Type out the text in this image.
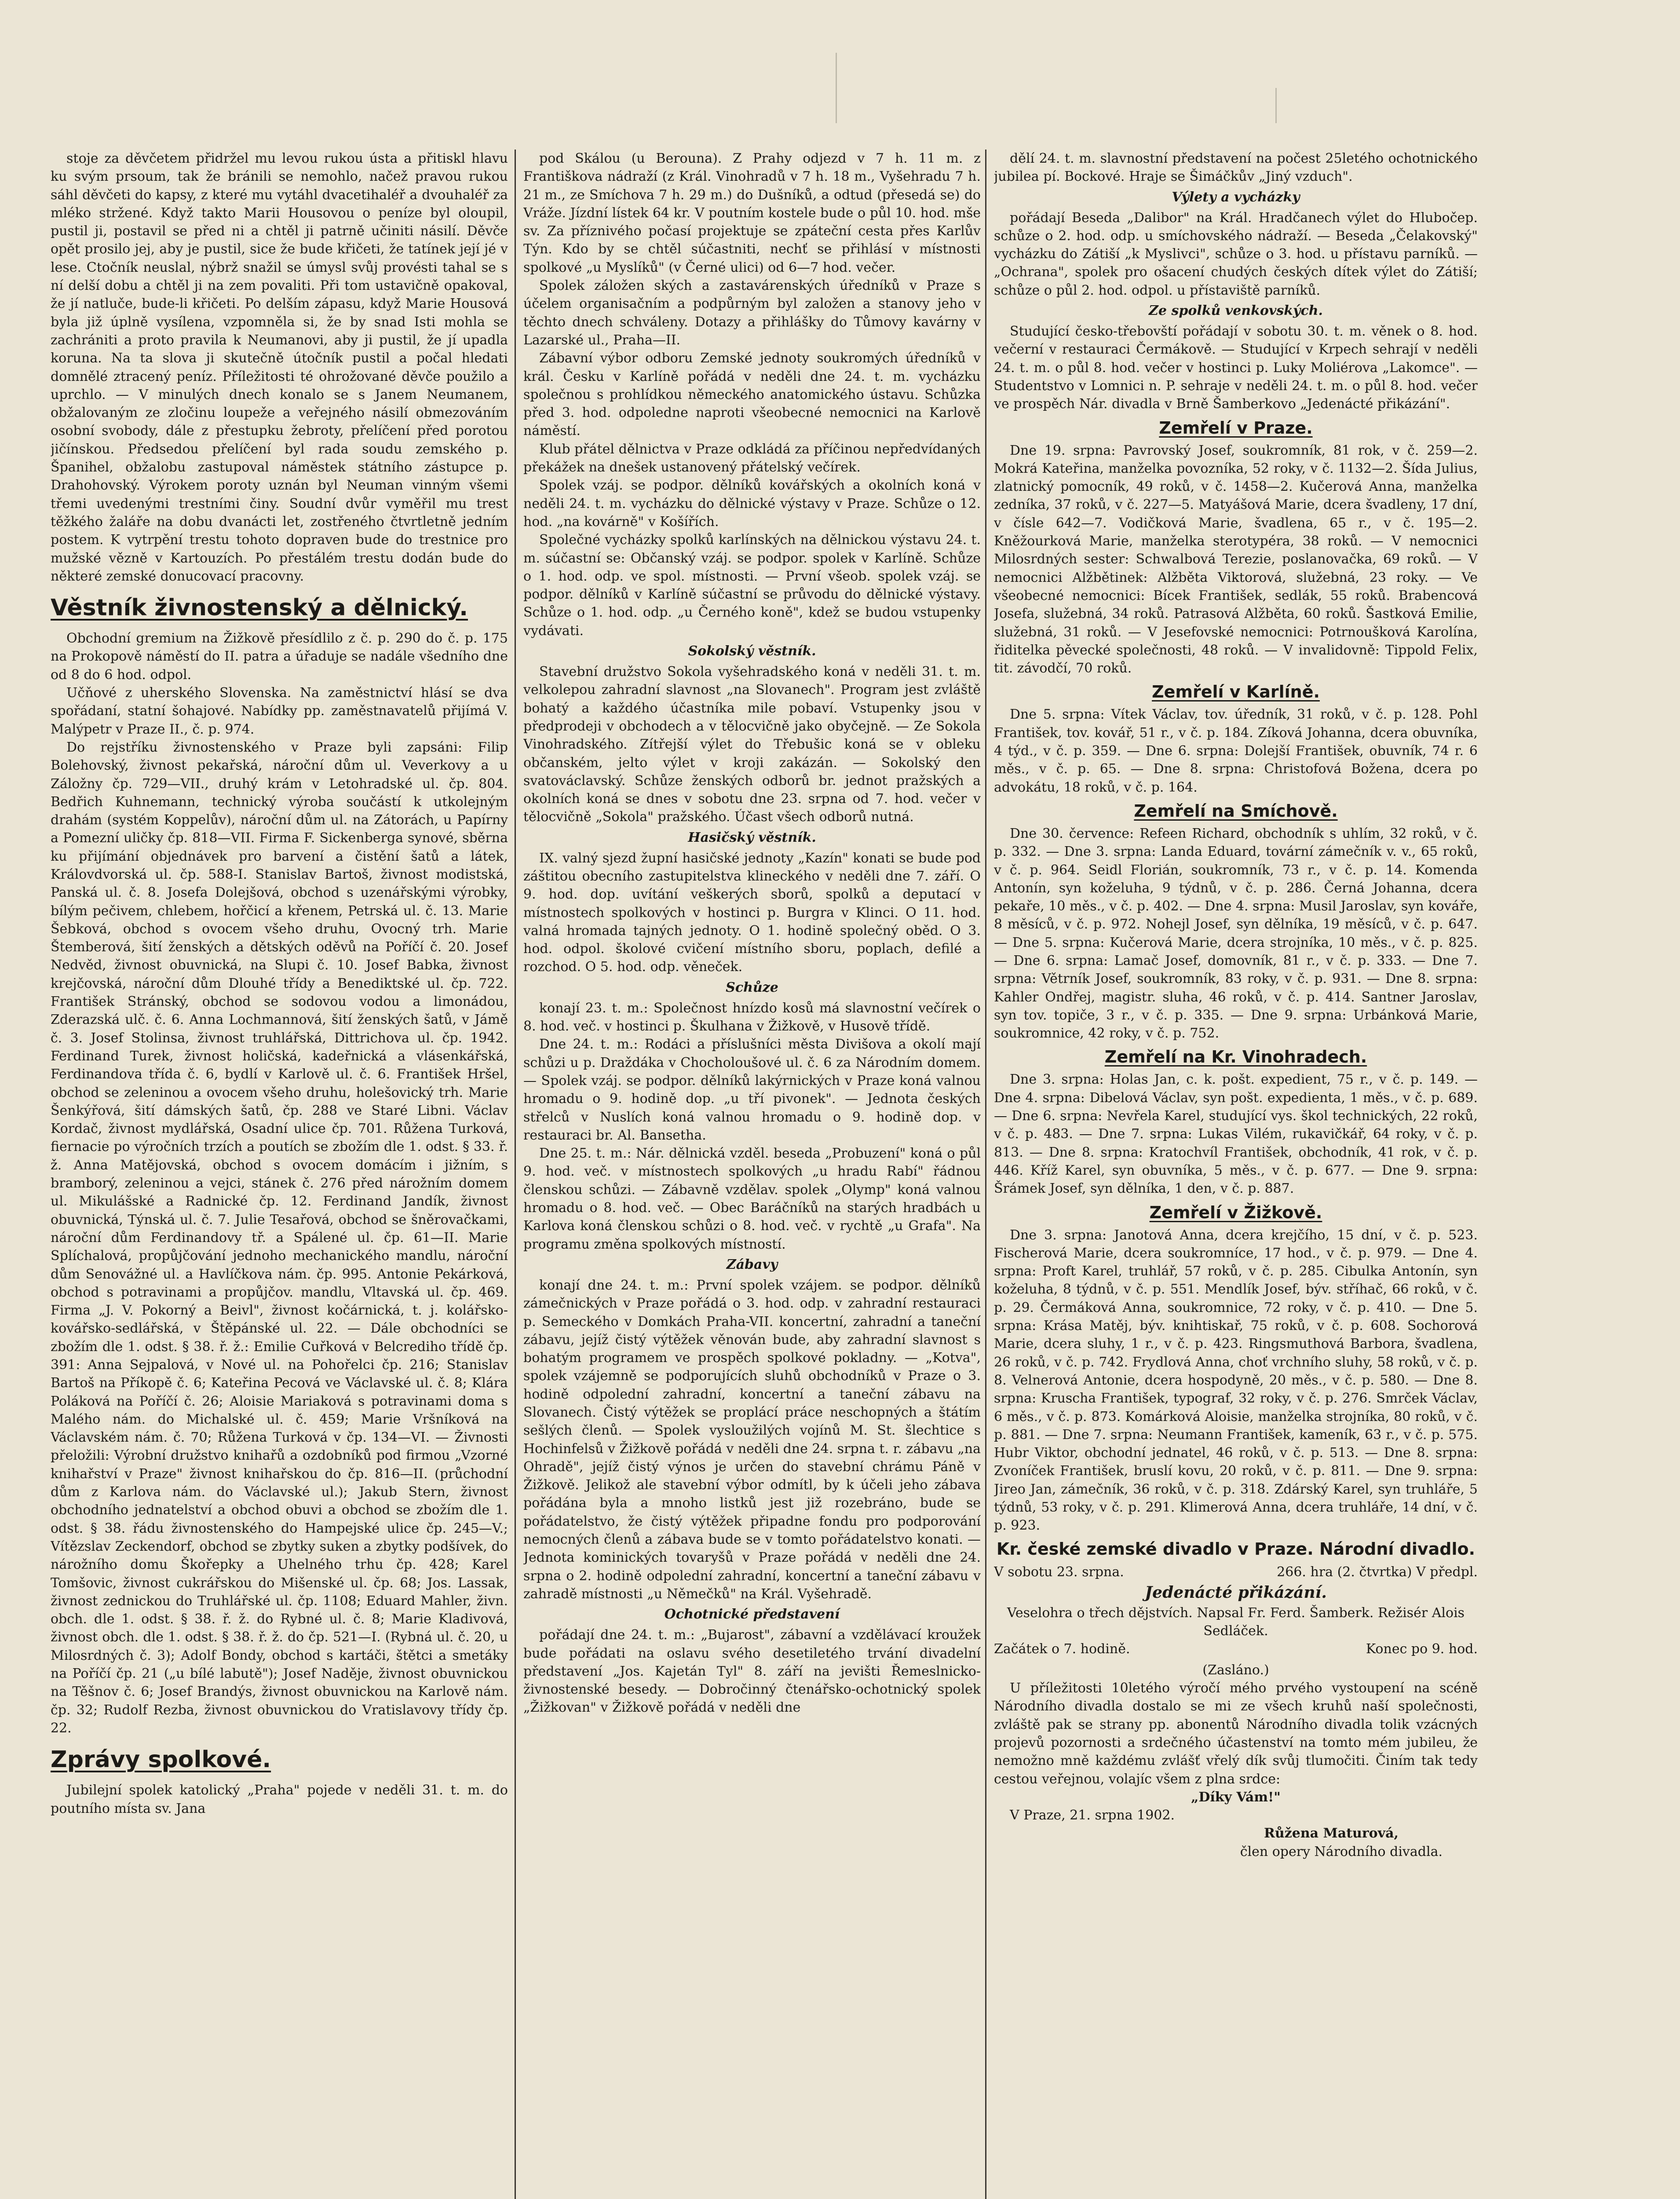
stoje za děvčetem přidržel mu levou rukou ústa a přitiskl hlavu ku svým prsoum, tak že bránili se nemohlo, načež pravou rukou sáhl děvčeti do kapsy, z které mu vytáhl dvacetihaléř a dvouhaléř za mléko stržené. Když takto Marii Housovou o peníze byl oloupil, pustil ji, postavil se před ni a chtěl ji patrně učiniti násilí. Děvče opět prosilo jej, aby je pustil, sice že bude křičeti, že tatínek její jé v lese. Ctočník neuslal, nýbrž snažil se úmysl svůj provésti tahal se s ní delší dobu a chtěl ji na zem povaliti. Při tom ustavičně opakoval, že jí natluče, bude-li křičeti. Po delším zápasu, když Marie Housová byla již úplně vysílena, vzpomněla si, že by snad Isti mohla se zachrániti a proto pravila k Neumanovi, aby ji pustil, že jí upadla koruna. Na ta slova ji skutečně útočník pustil a počal hledati domnělé ztracený peníz. Příležitosti té ohrožované děvče použilo a uprchlo. — V minulých dnech konalo se s Janem Neumanem, obžalovaným ze zločinu loupeže a veřejného násilí obmezováním osobní svobody, dále z přestupku žebroty, přelíčení před porotou jičínskou. Předsedou přelíčení byl rada soudu zemského p. Španihel, obžalobu zastupoval náměstek státního zástupce p. Drahohovský. Výrokem poroty uznán byl Neuman vinným všemi třemi uvedenými trestními činy. Soudní dvůr vyměřil mu trest těžkého žaláře na dobu dvanácti let, zostřeného čtvrtletně jedním postem. K vytrpění trestu tohoto dopraven bude do trestnice pro mužské vězně v Kartouzích. Po přestálém trestu dodán bude do některé zemské donucovací pracovny.

Věstník živnostenský a dělnický.

Obchodní gremium na Žižkově přesídlilo z č. p. 290 do č. p. 175 na Prokopově náměstí do II. patra a úřaduje se nadále všedního dne od 8 do 6 hod. odpol.

Učňové z uherského Slovenska. Na zaměstnictví hlásí se dva spořádaní, statní šohajové. Nabídky pp. zaměstnavatelů přijímá V. Malýpetr v Praze II., č. p. 974.

Do rejstříku živnostenského v Praze byli zapsáni: Filip Bolehovský, živnost pekařská, nároční dům ul. Veverkovy a u Záložny čp. 729—VII., druhý krám v Letohradské ul. čp. 804. Bedřich Kuhnemann, technický výroba součástí k utkolejným drahám (systém Koppelův), nároční dům ul. na Zátorách, u Papírny a Pomezní uličky čp. 818—VII. Firma F. Sickenberga synové, sběrna ku přijímání objednávek pro barvení a čistění šatů a látek, Královdvorská ul. čp. 588-I. Stanislav Bartoš, živnost modistská, Panská ul. č. 8. Josefa Dolejšová, obchod s uzenářskými výrobky, bílým pečivem, chlebem, hořčicí a křenem, Petrská ul. č. 13. Marie Šebková, obchod s ovocem všeho druhu, Ovocný trh. Marie Štemberová, šití ženských a dětských oděvů na Poříčí č. 20. Josef Nedvěd, živnost obuvnická, na Slupi č. 10. Josef Babka, živnost krejčovská, nároční dům Dlouhé třídy a Benediktské ul. čp. 722. František Stránský, obchod se sodovou vodou a limonádou, Zderazská ulč. č. 6. Anna Lochmannová, šití ženských šatů, v Jámě č. 3. Josef Stolinsa, živnost truhlářská, Dittrichova ul. čp. 1942. Ferdinand Turek, živnost holičská, kadeřnická a vlásenkářská, Ferdinandova třída č. 6, bydlí v Karlově ul. č. 6. František Hršel, obchod se zeleninou a ovocem všeho druhu, holešovický trh. Marie Šenkýřová, šití dámských šatů, čp. 288 ve Staré Libni. Václav Kordač, živnost mydlářská, Osadní ulice čp. 701. Růžena Turková, fiernacie po výročních trzích a poutích se zbožím dle 1. odst. § 33. ř. ž. Anna Matějovská, obchod s ovocem domácím i jižním, s bramborý, zeleninou a vejci, stánek č. 276 před nárožním domem ul. Mikulášské a Radnické čp. 12. Ferdinand Jandík, živnost obuvnická, Týnská ul. č. 7. Julie Tesařová, obchod se šněrovačkami, nároční dům Ferdinandovy tř. a Spálené ul. čp. 61—II. Marie Splíchalová, propůjčování jednoho mechanického mandlu, nároční dům Senovážné ul. a Havlíčkova nám. čp. 995. Antonie Pekárková, obchod s potravinami a propůjčov. mandlu, Vltavská ul. čp. 469. Firma „J. V. Pokorný a Beivl", živnost kočárnická, t. j. kolářsko-kovářsko-sedlářská, v Štěpánské ul. 22. — Dále obchodníci se zbožím dle 1. odst. § 38. ř. ž.: Emilie Cuřková v Belcrediho třídě čp. 391: Anna Sejpalová, v Nové ul. na Pohořelci čp. 216; Stanislav Bartoš na Příkopě č. 6; Kateřina Pecová ve Václavské ul. č. 8; Klára Poláková na Poříčí č. 26; Aloisie Mariaková s potravinami doma s Malého nám. do Michalské ul. č. 459; Marie Vršníková na Václavském nám. č. 70; Růžena Turková v čp. 134—VI. — Živnosti přeložili: Výrobní družstvo knihařů a ozdobníků pod firmou „Vzorné knihařství v Praze" živnost knihařskou do čp. 816—II. (průchodní dům z Karlova nám. do Václavské ul.); Jakub Stern, živnost obchodního jednatelství a obchod obuvi a obchod se zbožím dle 1. odst. § 38. řádu živnostenského do Hampejské ulice čp. 245—V.; Vítězslav Zeckendorf, obchod se zbytky suken a zbytky podšívek, do nárožního domu Škořepky a Uhelného trhu čp. 428; Karel Tomšovic, živnost cukrářskou do Mišenské ul. čp. 68; Jos. Lassak, živnost zednickou do Truhlářské ul. čp. 1108; Eduard Mahler, živn. obch. dle 1. odst. § 38. ř. ž. do Rybné ul. č. 8; Marie Kladivová, živnost obch. dle 1. odst. § 38. ř. ž. do čp. 521—I. (Rybná ul. č. 20, u Milosrdných č. 3); Adolf Bondy, obchod s kartáči, štětci a smetáky na Poříčí čp. 21 („u bílé labutě"); Josef Naděje, živnost obuvnickou na Těšnov č. 6; Josef Brandýs, živnost obuvnickou na Karlově nám. čp. 32; Rudolf Rezba, živnost obuvnickou do Vratislavovy třídy čp. 22.

Zprávy spolkové.

Jubilejní spolek katolický „Praha" pojede v neděli 31. t. m. do poutního místa sv. Jana

pod Skálou (u Berouna). Z Prahy odjezd v 7 h. 11 m. z Františkova nádraží (z Král. Vinohradů v 7 h. 18 m., Vyšehradu 7 h. 21 m., ze Smíchova 7 h. 29 m.) do Dušníků, a odtud (přesedá se) do Vráže. Jízdní lístek 64 kr. V poutním kostele bude o půl 10. hod. mše sv. Za příznivého počasí projektuje se zpáteční cesta přes Karlův Týn. Kdo by se chtěl súčastniti, nechť se přihlásí v místnosti spolkové „u Myslíků" (v Černé ulici) od 6—7 hod. večer.

Spolek záložen ských a zastavárenských úředníků v Praze s účelem organisačním a podpůrným byl založen a stanovy jeho v těchto dnech schváleny. Dotazy a přihlášky do Tůmovy kavárny v Lazarské ul., Praha—II.

Zábavní výbor odboru Zemské jednoty soukromých úředníků v král. Česku v Karlíně pořádá v neděli dne 24. t. m. vycházku společnou s prohlídkou německého anatomického ústavu. Schůzka před 3. hod. odpoledne naproti všeobecné nemocnici na Karlově náměstí.

Klub přátel dělnictva v Praze odkládá za příčinou nepředvídaných překážek na dnešek ustanovený přátelský večírek.

Spolek vzáj. se podpor. dělníků kovářských a okolních koná v neděli 24. t. m. vycházku do dělnické výstavy v Praze. Schůze o 12. hod. „na kovárně" v Košířích.

Společné vycházky spolků karlínských na dělnickou výstavu 24. t. m. súčastní se: Občanský vzáj. se podpor. spolek v Karlíně. Schůze o 1. hod. odp. ve spol. místnosti. — První všeob. spolek vzáj. se podpor. dělníků v Karlíně súčastní se průvodu do dělnické výstavy. Schůze o 1. hod. odp. „u Černého koně", kdež se budou vstupenky vydávati.

Sokolský věstník.

Stavební družstvo Sokola vyšehradského koná v neděli 31. t. m. velkolepou zahradní slavnost „na Slovanech". Program jest zvláště bohatý a každého účastníka mile pobaví. Vstupenky jsou v předprodeji v obchodech a v tělocvičně jako obyčejně. — Ze Sokola Vinohradského. Zítřejší výlet do Třebušic koná se v obleku občanském, jelto výlet v kroji zakázán. — Sokolský den svatováclavský. Schůze ženských odborů br. jednot pražských a okolních koná se dnes v sobotu dne 23. srpna od 7. hod. večer v tělocvičně „Sokola" pražského. Účast všech odborů nutná.

Hasičský věstník.

IX. valný sjezd župní hasičské jednoty „Kazín" konati se bude pod záštitou obecního zastupitelstva klineckého v neděli dne 7. září. O 9. hod. dop. uvítání veškerých sborů, spolků a deputací v místnostech spolkových v hostinci p. Burgra v Klinci. O 11. hod. valná hromada tajných jednoty. O 1. hodině společný oběd. O 3. hod. odpol. školové cvičení místního sboru, poplach, defilé a rozchod. O 5. hod. odp. věneček.

Schůze

konají 23. t. m.: Společnost hnízdo kosů má slavnostní večírek o 8. hod. več. v hostinci p. Škulhana v Žižkově, v Husově třídě.

Dne 24. t. m.: Rodáci a příslušníci města Divišova a okolí mají schůzi u p. Draždáka v Chocholoušové ul. č. 6 za Národním domem. — Spolek vzáj. se podpor. dělníků lakýrnických v Praze koná valnou hromadu o 9. hodině dop. „u tří pivonek". — Jednota českých střelců v Nuslích koná valnou hromadu o 9. hodině dop. v restauraci br. Al. Bansetha.

Dne 25. t. m.: Nár. dělnická vzděl. beseda „Probuzení" koná o půl 9. hod. več. v místnostech spolkových „u hradu Rabí" řádnou členskou schůzi. — Zábavně vzdělav. spolek „Olymp" koná valnou hromadu o 8. hod. več. — Obec Baráčníků na starých hradbách u Karlova koná členskou schůzi o 8. hod. več. v rychtě „u Grafa". Na programu změna spolkových místností.

Zábavy

konají dne 24. t. m.: První spolek vzájem. se podpor. dělníků zámečnických v Praze pořádá o 3. hod. odp. v zahradní restauraci p. Semeckého v Domkách Praha-VII. koncertní, zahradní a taneční zábavu, jejíž čistý výtěžek věnován bude, aby zahradní slavnost s bohatým programem ve prospěch spolkové pokladny. — „Kotva", spolek vzájemně se podporujících sluhů obchodníků v Praze o 3. hodině odpolední zahradní, koncertní a taneční zábavu na Slovanech. Čistý výtěžek se proplácí práce neschopných a štátím sešlých členů. — Spolek vysloužilých vojínů M. St. šlechtice s Hochinfelsů v Žižkově pořádá v neděli dne 24. srpna t. r. zábavu „na Ohradě", jejíž čistý výnos je určen do stavební chrámu Páně v Žižkově. Jelikož ale stavební výbor odmítl, by k účeli jeho zábava pořádána byla a mnoho listků jest již rozebráno, bude se pořádatelstvo, že čistý výtěžek připadne fondu pro podporování nemocných členů a zábava bude se v tomto pořádatelstvo konati. — Jednota kominických tovaryšů v Praze pořádá v neděli dne 24. srpna o 2. hodině odpolední zahradní, koncertní a taneční zábavu v zahradě místnosti „u Němečků" na Král. Vyšehradě.

Ochotnické představení

pořádají dne 24. t. m.: „Bujarost", zábavní a vzdělávací kroužek bude pořádati na oslavu svého desetiletého trvání divadelní představení „Jos. Kajetán Tyl" 8. září na jevišti Řemeslnicko-živnostenské besedy. — Dobročinný čtenářsko-ochotnický spolek „Žižkovan" v Žižkově pořádá v neděli dne

dělí 24. t. m. slavnostní představení na počest 25letého ochotnického jubilea pí. Bockové. Hraje se Šimáčkův „Jiný vzduch".

Výlety a vycházky

pořádají Beseda „Dalibor" na Král. Hradčanech výlet do Hlubočep. schůze o 2. hod. odp. u smíchovského nádraží. — Beseda „Čelakovský" vycházku do Zátiší „k Myslivci", schůze o 3. hod. u přístavu parníků. — „Ochrana", spolek pro ošacení chudých českých dítek výlet do Zátiší; schůze o půl 2. hod. odpol. u přístaviště parníků.

Ze spolků venkovských.

Studující česko-třebovští pořádají v sobotu 30. t. m. věnek o 8. hod. večerní v restauraci Čermákově. — Studující v Krpech sehrají v neděli 24. t. m. o půl 8. hod. večer v hostinci p. Luky Moliérova „Lakomce". — Studentstvo v Lomnici n. P. sehraje v neděli 24. t. m. o půl 8. hod. večer ve prospěch Nár. divadla v Brně Šamberkovo „Jedenácté přikázání".

Zemřelí v Praze.

Dne 19. srpna: Pavrovský Josef, soukromník, 81 rok, v č. 259—2. Mokrá Kateřina, manželka povozníka, 52 roky, v č. 1132—2. Šída Julius, zlatnický pomocník, 49 roků, v č. 1458—2. Kučerová Anna, manželka zedníka, 37 roků, v č. 227—5. Matyášová Marie, dcera švadleny, 17 dní, v čísle 642—7. Vodičková Marie, švadlena, 65 r., v č. 195—2. Kněžourková Marie, manželka sterotypéra, 38 roků. — V nemocnici Milosrdných sester: Schwalbová Terezie, poslanovačka, 69 roků. — V nemocnici Alžbětinek: Alžběta Viktorová, služebná, 23 roky. — Ve všeobecné nemocnici: Bícek František, sedlák, 55 roků. Brabencová Josefa, služebná, 34 roků. Patrasová Alžběta, 60 roků. Šastková Emilie, služebná, 31 roků. — V Jesefovské nemocnici: Potrnoušková Karolína, řiditelka pěvecké společnosti, 48 roků. — V invalidovně: Tippold Felix, tit. závodčí, 70 roků.

Zemřelí v Karlíně.

Dne 5. srpna: Vítek Václav, tov. úředník, 31 roků, v č. p. 128. Pohl František, tov. kovář, 51 r., v č. p. 184. Zíková Johanna, dcera obuvníka, 4 týd., v č. p. 359. — Dne 6. srpna: Dolejší František, obuvník, 74 r. 6 měs., v č. p. 65. — Dne 8. srpna: Christofová Božena, dcera po advokátu, 18 roků, v č. p. 164.

Zemřelí na Smíchově.

Dne 30. července: Refeen Richard, obchodník s uhlím, 32 roků, v č. p. 332. — Dne 3. srpna: Landa Eduard, tovární zámečník v. v., 65 roků, v č. p. 964. Seidl Florián, soukromník, 73 r., v č. p. 14. Komenda Antonín, syn koželuha, 9 týdnů, v č. p. 286. Černá Johanna, dcera pekaře, 10 měs., v č. p. 402. — Dne 4. srpna: Musil Jaroslav, syn kováře, 8 měsíců, v č. p. 972. Nohejl Josef, syn dělníka, 19 měsíců, v č. p. 647. — Dne 5. srpna: Kučerová Marie, dcera strojníka, 10 měs., v č. p. 825. — Dne 6. srpna: Lamač Josef, domovník, 81 r., v č. p. 333. — Dne 7. srpna: Větrník Josef, soukromník, 83 roky, v č. p. 931. — Dne 8. srpna: Kahler Ondřej, magistr. sluha, 46 roků, v č. p. 414. Santner Jaroslav, syn tov. topiče, 3 r., v č. p. 335. — Dne 9. srpna: Urbánková Marie, soukromnice, 42 roky, v č. p. 752.

Zemřelí na Kr. Vinohradech.

Dne 3. srpna: Holas Jan, c. k. pošt. expedient, 75 r., v č. p. 149. — Dne 4. srpna: Dibelová Václav, syn pošt. expedienta, 1 měs., v č. p. 689. — Dne 6. srpna: Nevřela Karel, studující vys. škol technických, 22 roků, v č. p. 483. — Dne 7. srpna: Lukas Vilém, rukavičkář, 64 roky, v č. p. 813. — Dne 8. srpna: Kratochvíl František, obchodník, 41 rok, v č. p. 446. Kříž Karel, syn obuvníka, 5 měs., v č. p. 677. — Dne 9. srpna: Šrámek Josef, syn dělníka, 1 den, v č. p. 887.

Zemřelí v Žižkově.

Dne 3. srpna: Janotová Anna, dcera krejčího, 15 dní, v č. p. 523. Fischerová Marie, dcera soukromníce, 17 hod., v č. p. 979. — Dne 4. srpna: Proft Karel, truhlář, 57 roků, v č. p. 285. Cibulka Antonín, syn koželuha, 8 týdnů, v č. p. 551. Mendlík Josef, býv. stříhač, 66 roků, v č. p. 29. Čermáková Anna, soukromnice, 72 roky, v č. p. 410. — Dne 5. srpna: Krása Matěj, býv. knihtiskař, 75 roků, v č. p. 608. Sochorová Marie, dcera sluhy, 1 r., v č. p. 423. Ringsmuthová Barbora, švadlena, 26 roků, v č. p. 742. Frydlová Anna, choť vrchního sluhy, 58 roků, v č. p. 8. Velnerová Antonie, dcera hospodyně, 20 měs., v č. p. 580. — Dne 8. srpna: Kruscha František, typograf, 32 roky, v č. p. 276. Smrček Václav, 6 měs., v č. p. 873. Komárková Aloisie, manželka strojníka, 80 roků, v č. p. 881. — Dne 7. srpna: Neumann František, kameník, 63 r., v č. p. 575. Hubr Viktor, obchodní jednatel, 46 roků, v č. p. 513. — Dne 8. srpna: Zvoníček František, bruslí kovu, 20 roků, v č. p. 811. — Dne 9. srpna: Jireo Jan, zámečník, 36 roků, v č. p. 318. Zdárský Karel, syn truhláře, 5 týdnů, 53 roky, v č. p. 291. Klimerová Anna, dcera truhláře, 14 dní, v č. p. 923.

Kr. české zemské divadlo v Praze. Národní divadlo.
V sobotu 23. srpna.	266. hra (2. čtvrtka) V předpl.
Jedenácté přikázání.

Veselohra o třech dějstvích. Napsal Fr. Ferd. Šamberk. Režisér Alois Sedláček.

Začátek o 7. hodině.	Konec po 9. hod.
(Zasláno.)

U příležitosti 10letého výročí mého prvého vystoupení na scéně Národního divadla dostalo se mi ze všech kruhů naší společnosti, zvláště pak se strany pp. abonentů Národního divadla tolik vzácných projevů pozornosti a srdečného účastenství na tomto mém jubileu, že nemožno mně každému zvlášť vřelý dík svůj tlumočiti. Činím tak tedy cestou veřejnou, volajíc všem z plna srdce:

„Díky Vám!"

V Praze, 21. srpna 1902.

Růžena Maturová,
člen opery Národního divadla.
